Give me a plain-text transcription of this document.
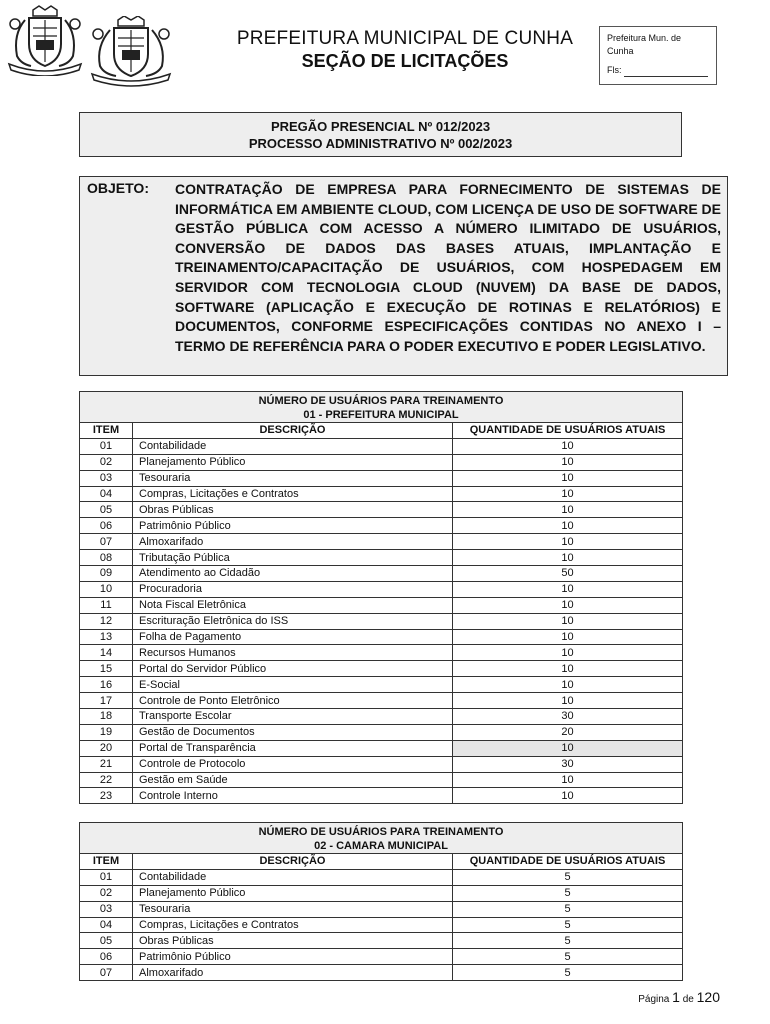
PREFEITURA MUNICIPAL DE CUNHA
SEÇÃO DE LICITAÇÕES
Prefeitura Mun. de
Cunha
Fls:
PREGÃO PRESENCIAL Nº 012/2023
PROCESSO ADMINISTRATIVO Nº 002/2023
OBJETO: CONTRATAÇÃO DE EMPRESA PARA FORNECIMENTO DE SISTEMAS DE INFORMÁTICA EM AMBIENTE CLOUD, COM LICENÇA DE USO DE SOFTWARE DE GESTÃO PÚBLICA COM ACESSO A NÚMERO ILIMITADO DE USUÁRIOS, CONVERSÃO DE DADOS DAS BASES ATUAIS, IMPLANTAÇÃO E TREINAMENTO/CAPACITAÇÃO DE USUÁRIOS, COM HOSPEDAGEM EM SERVIDOR COM TECNOLOGIA CLOUD (NUVEM) DA BASE DE DADOS, SOFTWARE (APLICAÇÃO E EXECUÇÃO DE ROTINAS E RELATÓRIOS) E DOCUMENTOS, CONFORME ESPECIFICAÇÕES CONTIDAS NO ANEXO I – TERMO DE REFERÊNCIA PARA O PODER EXECUTIVO E PODER LEGISLATIVO.
NÚMERO DE USUÁRIOS PARA TREINAMENTO
01 - PREFEITURA MUNICIPAL		

ITEM	DESCRIÇÃO	QUANTIDADE DE USUÁRIOS ATUAIS
01	Contabilidade	10
02	Planejamento Público	10
03	Tesouraria	10
04	Compras, Licitações e Contratos	10
05	Obras Públicas	10
06	Patrimônio Público	10
07	Almoxarifado	10
08	Tributação Pública	10
09	Atendimento ao Cidadão	50
10	Procuradoria	10
11	Nota Fiscal Eletrônica	10
12	Escrituração Eletrônica do ISS	10
13	Folha de Pagamento	10
14	Recursos Humanos	10
15	Portal do Servidor Público	10
16	E-Social	10
17	Controle de Ponto Eletrônico	10
18	Transporte Escolar	30
19	Gestão de Documentos	20
20	Portal de Transparência	10
21	Controle de Protocolo	30
22	Gestão em Saúde	10
23	Controle Interno	10
NÚMERO DE USUÁRIOS PARA TREINAMENTO
02 - CAMARA MUNICIPAL		

ITEM	DESCRIÇÃO	QUANTIDADE DE USUÁRIOS ATUAIS
01	Contabilidade	5
02	Planejamento Público	5
03	Tesouraria	5
04	Compras, Licitações e Contratos	5
05	Obras Públicas	5
06	Patrimônio Público	5
07	Almoxarifado	5
Página 1 de 120
